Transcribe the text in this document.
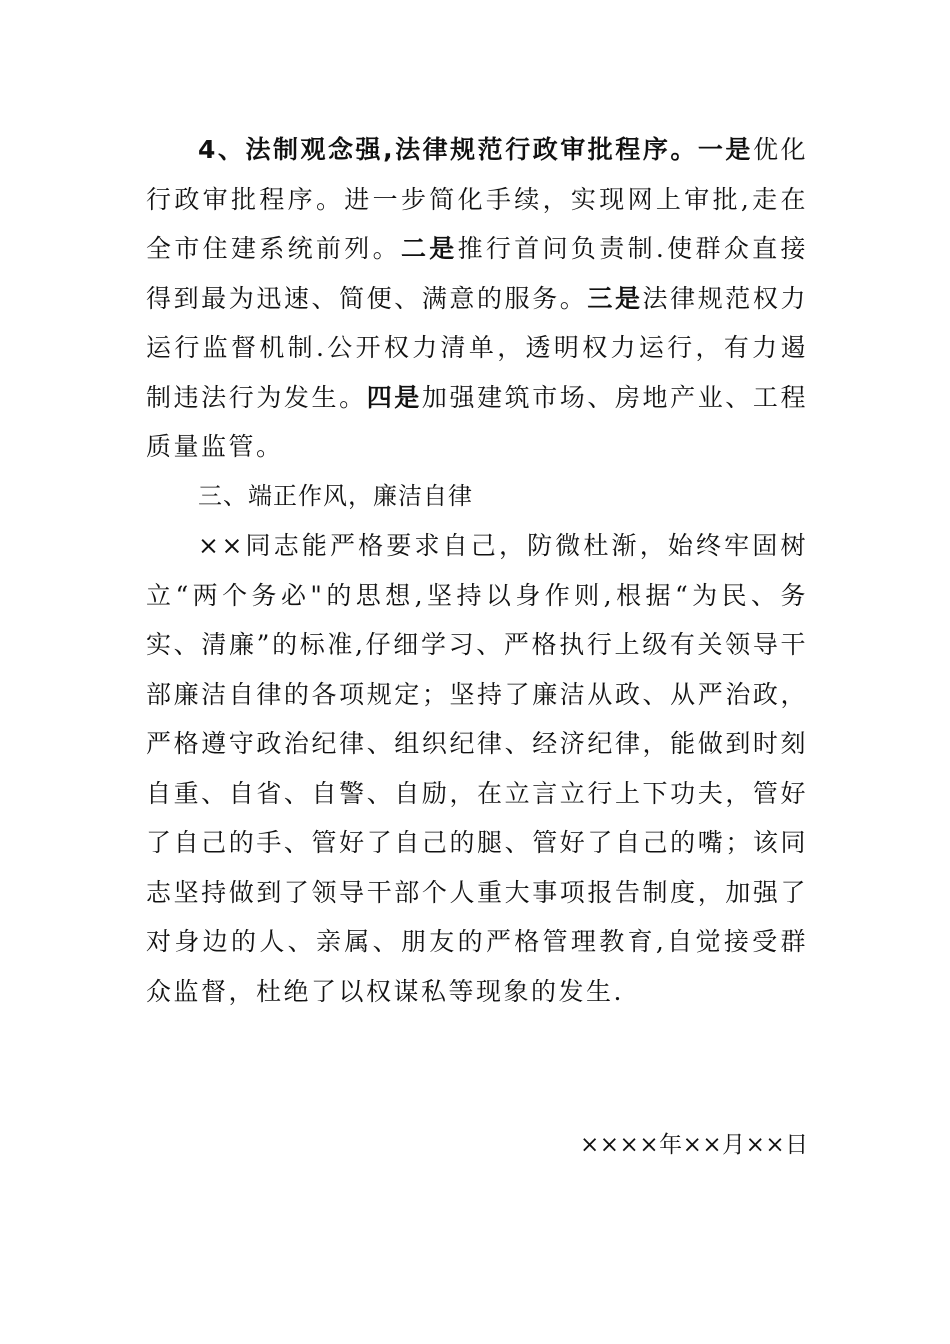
4、法制观念强,法律规范行政审批程序。一是优化行政审批程序。进一步简化手续，实现网上审批,走在全市住建系统前列。二是推行首问负责制.使群众直接得到最为迅速、简便、满意的服务。三是法律规范权力运行监督机制.公开权力清单，透明权力运行，有力遏制违法行为发生。四是加强建筑市场、房地产业、工程质量监管。

三、端正作风，廉洁自律

××同志能严格要求自己，防微杜渐，始终牢固树立“两个务必"的思想,坚持以身作则,根据“为民、务实、清廉”的标准,仔细学习、严格执行上级有关领导干部廉洁自律的各项规定；坚持了廉洁从政、从严治政，严格遵守政治纪律、组织纪律、经济纪律，能做到时刻自重、自省、自警、自励，在立言立行上下功夫，管好了自己的手、管好了自己的腿、管好了自己的嘴；该同志坚持做到了领导干部个人重大事项报告制度，加强了对身边的人、亲属、朋友的严格管理教育,自觉接受群众监督，杜绝了以权谋私等现象的发生.

××××年××月××日
